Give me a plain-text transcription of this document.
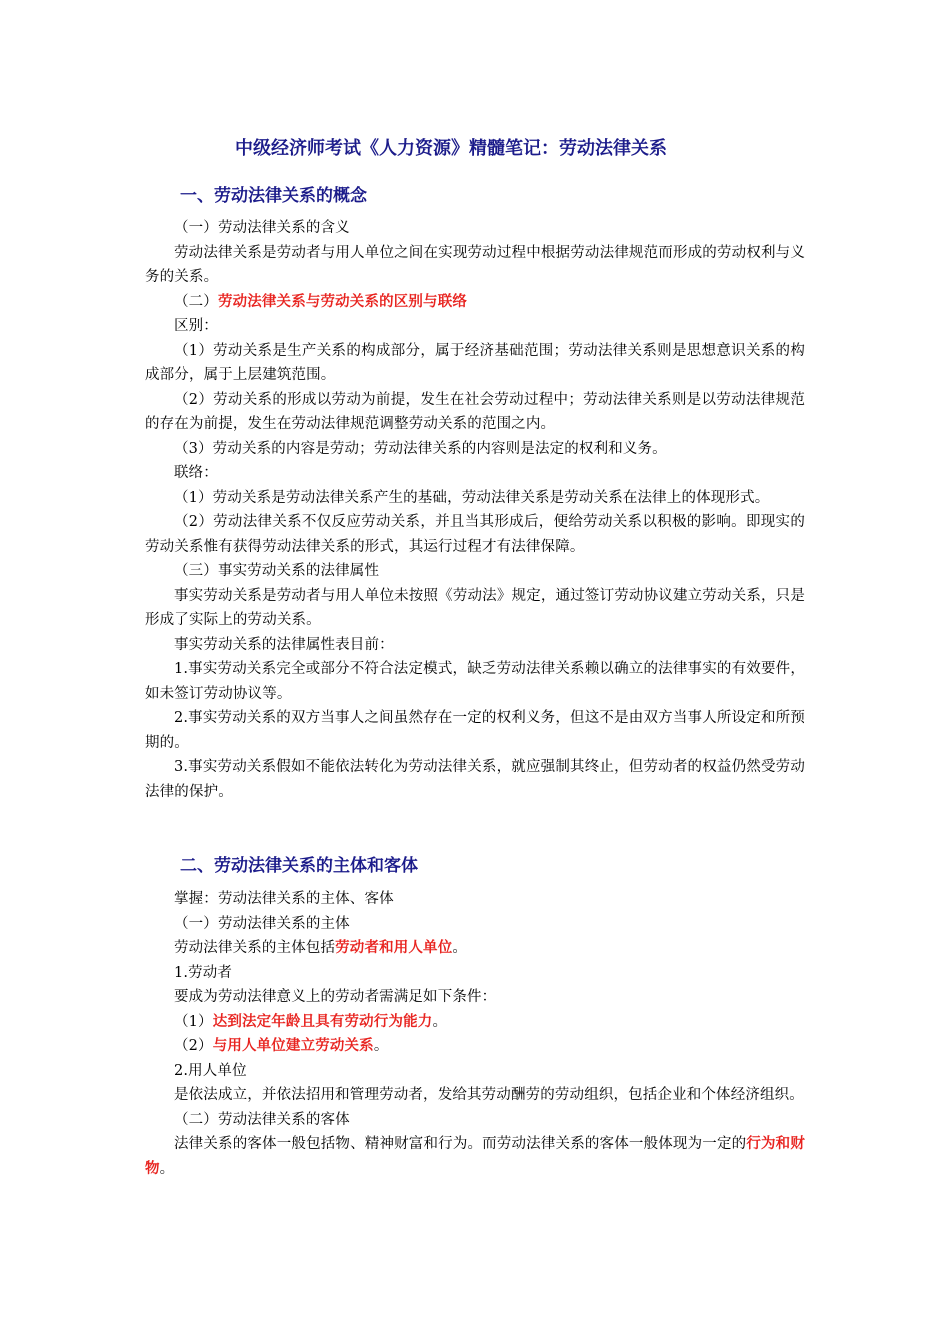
中级经济师考试《人力资源》精髓笔记：劳动法律关系
一、劳动法律关系的概念

（一）劳动法律关系的含义

劳动法律关系是劳动者与用人单位之间在实现劳动过程中根据劳动法律规范而形成的劳动权利与义务的关系。

（二）劳动法律关系与劳动关系的区别与联络

区别：

（1）劳动关系是生产关系的构成部分，属于经济基础范围；劳动法律关系则是思想意识关系的构成部分，属于上层建筑范围。

（2）劳动关系的形成以劳动为前提，发生在社会劳动过程中；劳动法律关系则是以劳动法律规范的存在为前提，发生在劳动法律规范调整劳动关系的范围之内。

（3）劳动关系的内容是劳动；劳动法律关系的内容则是法定的权利和义务。

联络：

（1）劳动关系是劳动法律关系产生的基础，劳动法律关系是劳动关系在法律上的体现形式。

（2）劳动法律关系不仅反应劳动关系，并且当其形成后，便给劳动关系以积极的影响。即现实的劳动关系惟有获得劳动法律关系的形式，其运行过程才有法律保障。

（三）事实劳动关系的法律属性

事实劳动关系是劳动者与用人单位未按照《劳动法》规定，通过签订劳动协议建立劳动关系，只是形成了实际上的劳动关系。

事实劳动关系的法律属性表目前：

1.事实劳动关系完全或部分不符合法定模式，缺乏劳动法律关系赖以确立的法律事实的有效要件，如未签订劳动协议等。

2.事实劳动关系的双方当事人之间虽然存在一定的权利义务，但这不是由双方当事人所设定和所预期的。

3.事实劳动关系假如不能依法转化为劳动法律关系，就应强制其终止，但劳动者的权益仍然受劳动法律的保护。

二、劳动法律关系的主体和客体

掌握：劳动法律关系的主体、客体

（一）劳动法律关系的主体

劳动法律关系的主体包括劳动者和用人单位。

1.劳动者

要成为劳动法律意义上的劳动者需满足如下条件：

（1）达到法定年龄且具有劳动行为能力。

（2）与用人单位建立劳动关系。

2.用人单位

是依法成立，并依法招用和管理劳动者，发给其劳动酬劳的劳动组织，包括企业和个体经济组织。

（二）劳动法律关系的客体

法律关系的客体一般包括物、精神财富和行为。而劳动法律关系的客体一般体现为一定的行为和财物。
